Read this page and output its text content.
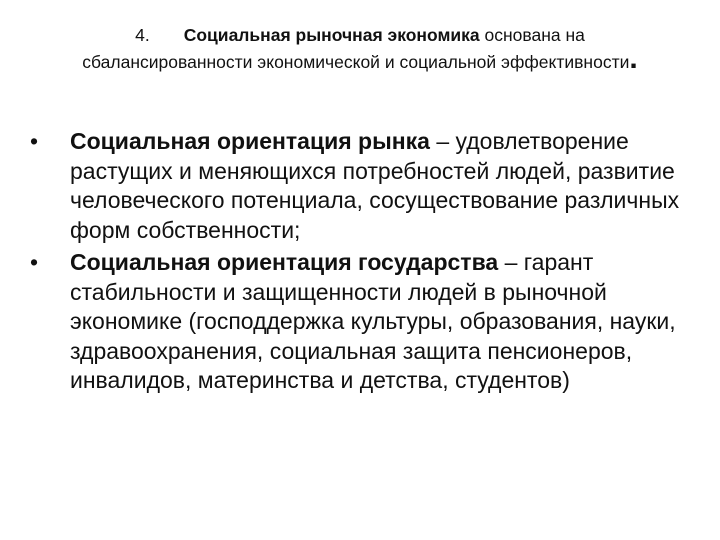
4. Социальная рыночная экономика основана на сбалансированности экономической и социальной эффективности.
•	Социальная ориентация рынка – удовлетворение растущих и меняющихся потребностей людей, развитие человеческого потенциала, сосуществование различных форм собственности;
•	Социальная ориентация государства – гарант стабильности и защищенности людей в рыночной экономике (господдержка культуры, образования, науки, здравоохранения, социальная защита пенсионеров, инвалидов, материнства и детства, студентов)
